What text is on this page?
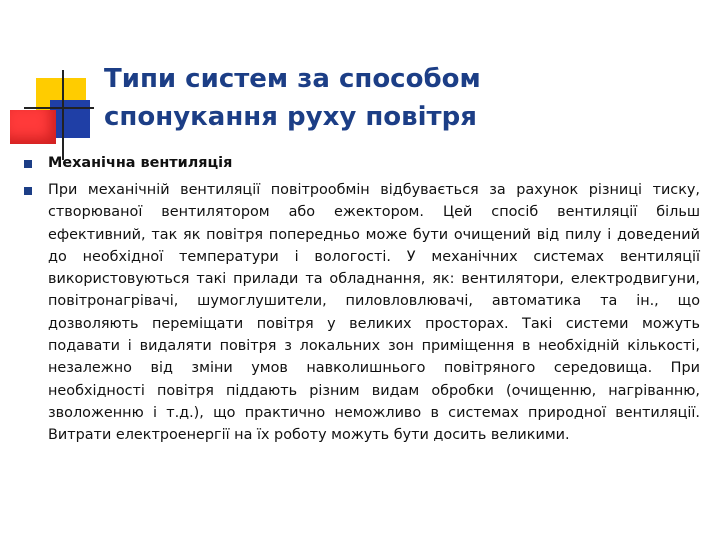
Типи систем за способом
спонукання руху повітря
Механічна вентиляція
При механічній вентиляції повітрообмін відбувається за рахунок різниці тиску, створюваної вентилятором або ежектором. Цей спосіб вентиляції більш ефективний, так як повітря попередньо може бути очищений від пилу і доведений до необхідної температури і вологості. У механічних системах вентиляції використовуються такі прилади та обладнання, як: вентилятори, електродвигуни, повітронагрівачі, шумоглушители, пиловловлювачі, автоматика та ін., що дозволяють переміщати повітря у великих просторах. Такі системи можуть подавати і видаляти повітря з локальних зон приміщення в необхідній кількості, незалежно від зміни умов навколишнього повітряного середовища. При необхідності повітря піддають різним видам обробки (очищенню, нагріванню, зволоженню і т.д.), що практично неможливо в системах природної вентиляції. Витрати електроенергії на їх роботу можуть бути досить великими.
